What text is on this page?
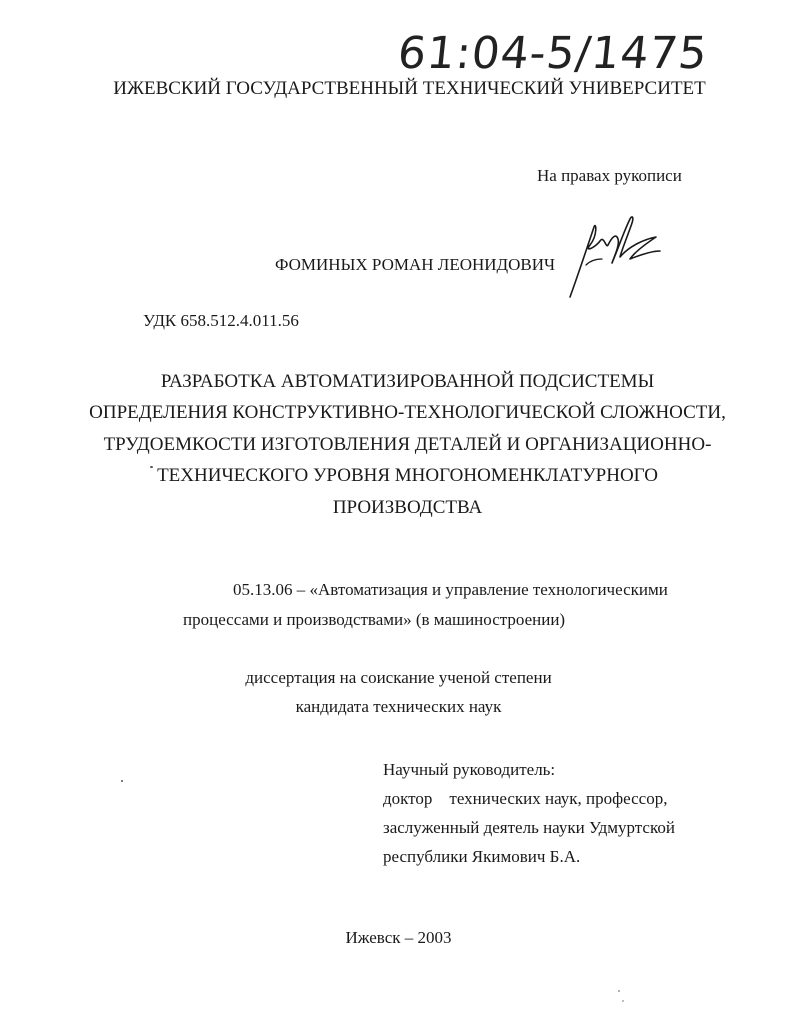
61:04-5/1475
ИЖЕВСКИЙ ГОСУДАРСТВЕННЫЙ ТЕХНИЧЕСКИЙ УНИВЕРСИТЕТ
На правах рукописи
ФОМИНЫХ РОМАН ЛЕОНИДОВИЧ
УДК 658.512.4.011.56
РАЗРАБОТКА АВТОМАТИЗИРОВАННОЙ ПОДСИСТЕМЫ
ОПРЕДЕЛЕНИЯ КОНСТРУКТИВНО-ТЕХНОЛОГИЧЕСКОЙ СЛОЖНОСТИ,
ТРУДОЕМКОСТИ ИЗГОТОВЛЕНИЯ ДЕТАЛЕЙ И ОРГАНИЗАЦИОННО-
ТЕХНИЧЕСКОГО УРОВНЯ МНОГОНОМЕНКЛАТУРНОГО
ПРОИЗВОДСТВА
05.13.06 – «Автоматизация и управление технологическими
процессами и производствами» (в машиностроении)
диссертация на соискание ученой степени
кандидата технических наук
Научный руководитель:
доктор    технических наук, профессор,
заслуженный деятель науки Удмуртской
республики Якимович Б.А.
Ижевск – 2003
